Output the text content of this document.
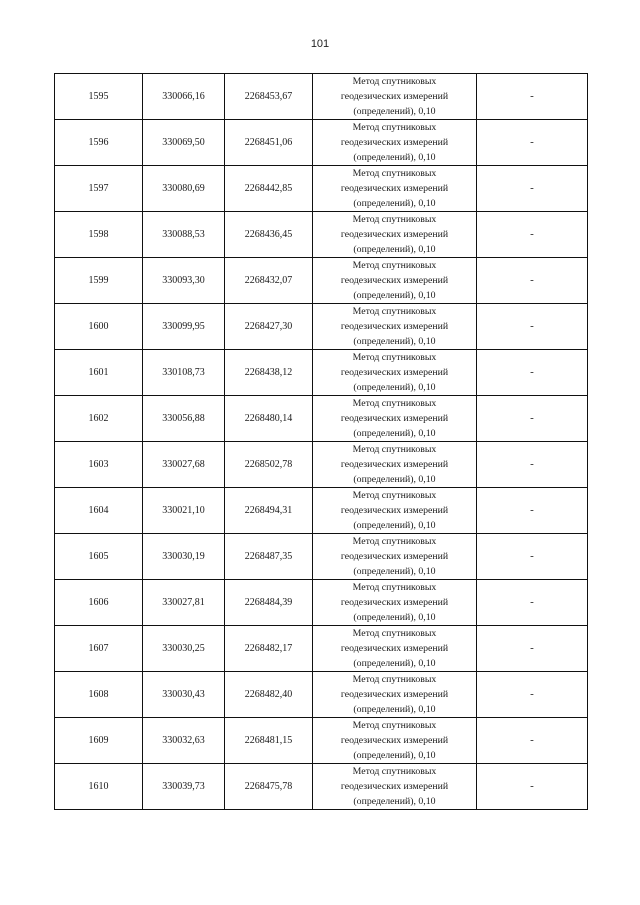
101
1595	330066,16	2268453,67	Метод спутниковых
геодезических измерений
(определений), 0,10	-
1596	330069,50	2268451,06	Метод спутниковых
геодезических измерений
(определений), 0,10	-
1597	330080,69	2268442,85	Метод спутниковых
геодезических измерений
(определений), 0,10	-
1598	330088,53	2268436,45	Метод спутниковых
геодезических измерений
(определений), 0,10	-
1599	330093,30	2268432,07	Метод спутниковых
геодезических измерений
(определений), 0,10	-
1600	330099,95	2268427,30	Метод спутниковых
геодезических измерений
(определений), 0,10	-
1601	330108,73	2268438,12	Метод спутниковых
геодезических измерений
(определений), 0,10	-
1602	330056,88	2268480,14	Метод спутниковых
геодезических измерений
(определений), 0,10	-
1603	330027,68	2268502,78	Метод спутниковых
геодезических измерений
(определений), 0,10	-
1604	330021,10	2268494,31	Метод спутниковых
геодезических измерений
(определений), 0,10	-
1605	330030,19	2268487,35	Метод спутниковых
геодезических измерений
(определений), 0,10	-
1606	330027,81	2268484,39	Метод спутниковых
геодезических измерений
(определений), 0,10	-
1607	330030,25	2268482,17	Метод спутниковых
геодезических измерений
(определений), 0,10	-
1608	330030,43	2268482,40	Метод спутниковых
геодезических измерений
(определений), 0,10	-
1609	330032,63	2268481,15	Метод спутниковых
геодезических измерений
(определений), 0,10	-
1610	330039,73	2268475,78	Метод спутниковых
геодезических измерений
(определений), 0,10	-
